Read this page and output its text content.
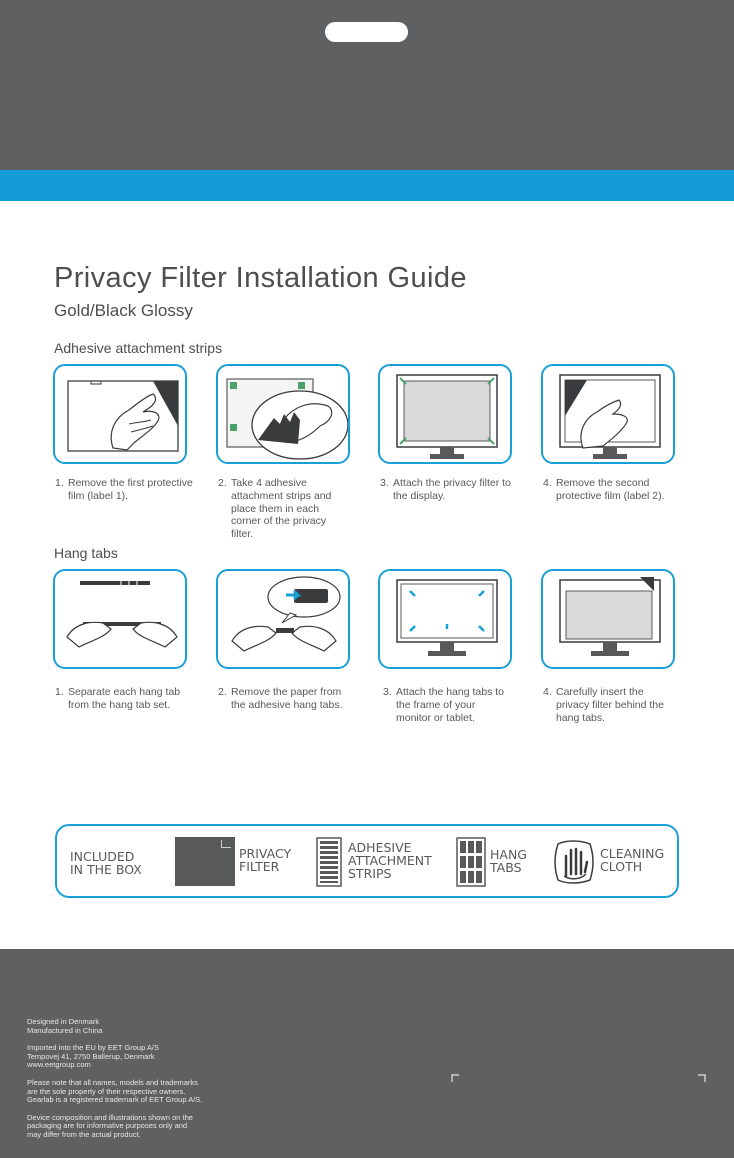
Privacy Filter Installation Guide
Gold/Black Glossy
Adhesive attachment strips
1. Remove the first protective film (label 1).
2. Take 4 adhesive attachment strips and place them in each corner of the privacy filter.
3. Attach the privacy filter to the display.
4. Remove the second protective film (label 2).
Hang tabs
1. Separate each hang tab from the hang tab set.
2. Remove the paper from the adhesive hang tabs.
3. Attach the hang tabs to the frame of your monitor or tablet.
4. Carefully insert the privacy filter behind the hang tabs.
INCLUDED
IN THE BOX
PRIVACY
FILTER
ADHESIVE
ATTACHMENT
STRIPS
HANG
TABS
CLEANING
CLOTH
Designed in Denmark
Manufactured in China
Imported into the EU by EET Group A/S
Tempovej 41, 2750 Ballerup, Denmark
www.eetgroup.com
Please note that all names, models and trademarks
are the sole property of their respective owners.
Gearlab is a registered trademark of EET Group A/S.
Device composition and illustrations shown on the
packaging are for informative purposes only and
may differ from the actual product.
